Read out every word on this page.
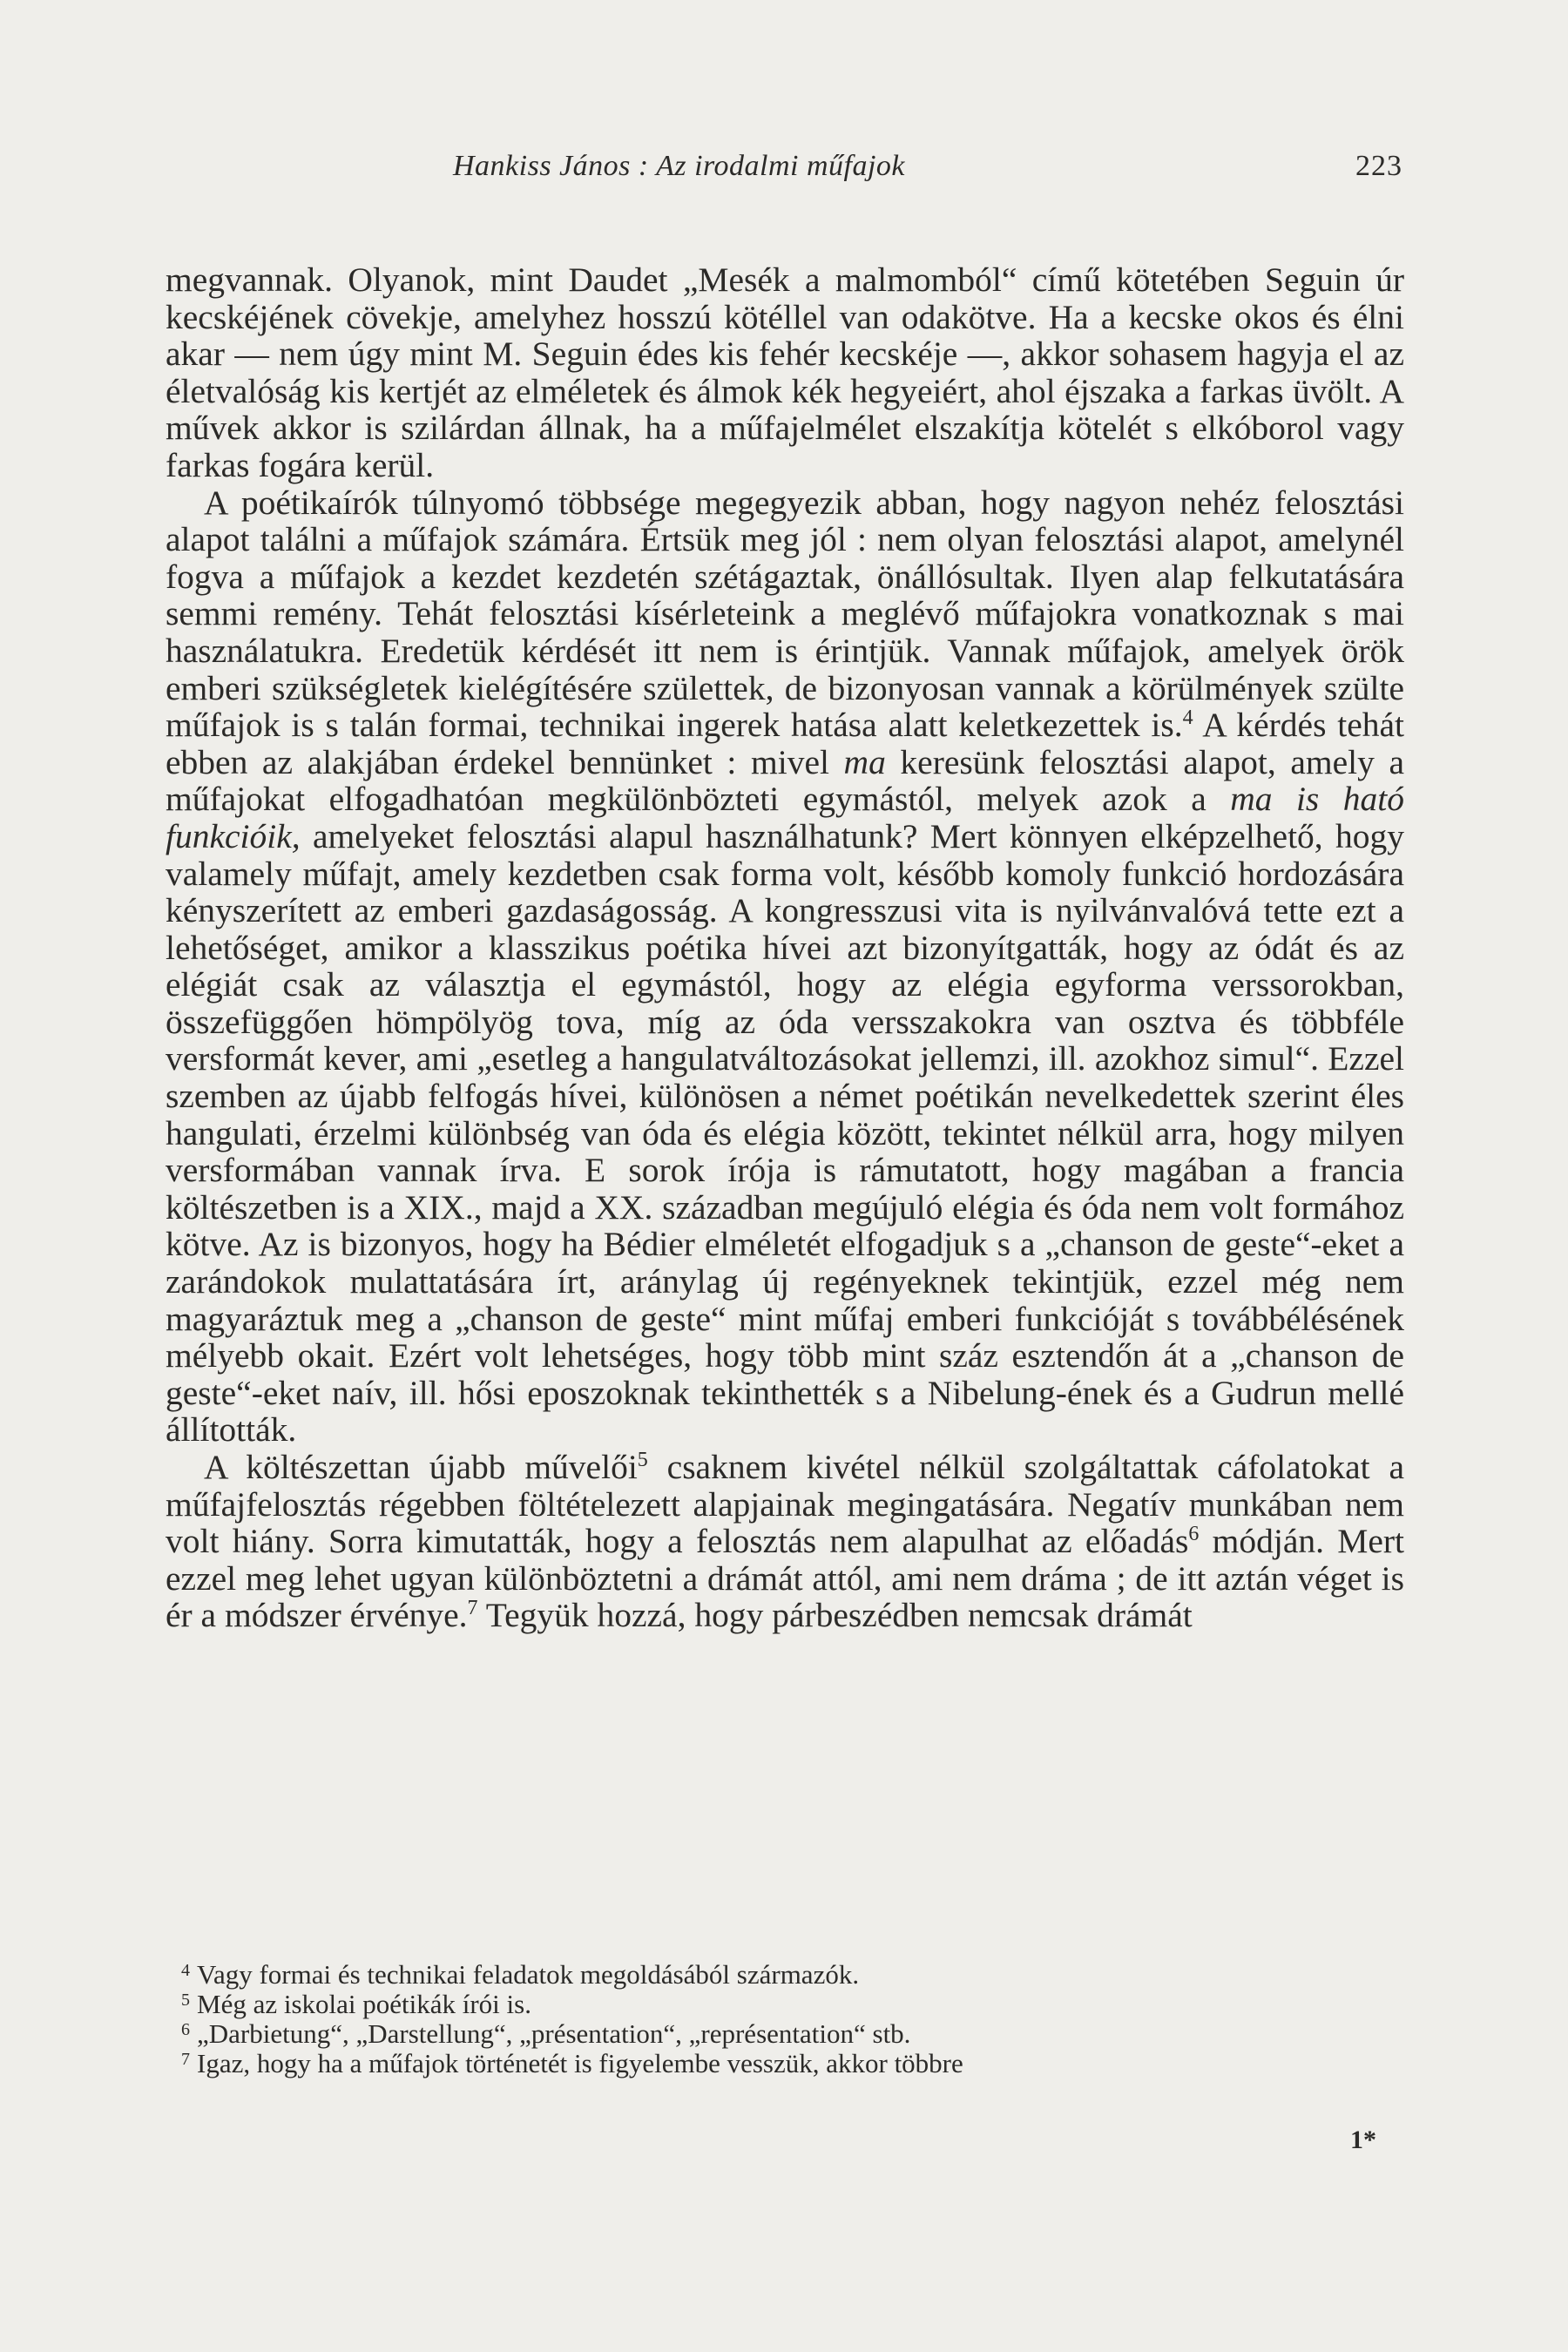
Hankiss János : Az irodalmi műfajok	223

megvannak. Olyanok, mint Daudet „Mesék a malmomból“ című kötetében Seguin úr kecskéjének cövekje, amelyhez hosszú kötéllel van odakötve. Ha a kecske okos és élni akar — nem úgy mint M. Seguin édes kis fehér kecskéje —, akkor sohasem hagyja el az életvalóság kis kertjét az elméletek és álmok kék hegyeiért, ahol éjszaka a farkas üvölt. A művek akkor is szilárdan állnak, ha a műfajelmélet elszakítja kötelét s elkóborol vagy farkas fogára kerül.

A poétikaírók túlnyomó többsége megegyezik abban, hogy nagyon nehéz felosztási alapot találni a műfajok számára. Értsük meg jól : nem olyan felosztási alapot, amelynél fogva a műfajok a kezdet kezdetén szétágaztak, önállósultak. Ilyen alap felkutatására semmi remény. Tehát felosztási kísérleteink a meglévő műfajokra vonatkoznak s mai használatukra. Eredetük kérdését itt nem is érintjük. Vannak műfajok, amelyek örök emberi szükségletek kielégítésére születtek, de bizonyosan vannak a körülmények szülte műfajok is s talán formai, technikai ingerek hatása alatt keletkezettek is.$^4$ A kérdés tehát ebben az alakjában érdekel bennünket : mivel ma keresünk felosztási alapot, amely a műfajokat elfogadhatóan megkülönbözteti egymástól, melyek azok a ma is ható funkcióik, amelyeket felosztási alapul használhatunk? Mert könnyen elképzelhető, hogy valamely műfajt, amely kezdetben csak forma volt, később komoly funkció hordozására kényszerített az emberi gazdaságosság. A kongresszusi vita is nyilvánvalóvá tette ezt a lehetőséget, amikor a klasszikus poétika hívei azt bizonyítgatták, hogy az ódát és az elégiát csak az választja el egymástól, hogy az elégia egyforma verssorokban, összefüggően hömpölyög tova, míg az óda versszakokra van osztva és többféle versformát kever, ami „esetleg a hangulatváltozásokat jellemzi, ill. azokhoz simul“. Ezzel szemben az újabb felfogás hívei, különösen a német poétikán nevelkedettek szerint éles hangulati, érzelmi különbség van óda és elégia között, tekintet nélkül arra, hogy milyen versformában vannak írva. E sorok írója is rámutatott, hogy magában a francia költészetben is a XIX., majd a XX. században megújuló elégia és óda nem volt formához kötve. Az is bizonyos, hogy ha Bédier elméletét elfogadjuk s a „chanson de geste“-eket a zarándokok mulattatására írt, aránylag új regényeknek tekintjük, ezzel még nem magyaráztuk meg a „chanson de geste“ mint műfaj emberi funkcióját s továbbélésének mélyebb okait. Ezért volt lehetséges, hogy több mint száz esztendőn át a „chanson de geste“-eket naív, ill. hősi eposzoknak tekinthették s a Nibelung-ének és a Gudrun mellé állították.

A költészettan újabb művelői$^5$ csaknem kivétel nélkül szolgáltattak cáfolatokat a műfajfelosztás régebben föltételezett alapjainak megingatására. Negatív munkában nem volt hiány. Sorra kimutatták, hogy a felosztás nem alapulhat az előadás$^6$ módján. Mert ezzel meg lehet ugyan különböztetni a drámát attól, ami nem dráma ; de itt aztán véget is ér a módszer érvénye.$^7$ Tegyük hozzá, hogy párbeszédben nemcsak drámát

$^4$ Vagy formai és technikai feladatok megoldásából származók.

$^5$ Még az iskolai poétikák írói is.

$^6$ „Darbietung“, „Darstellung“, „présentation“, „représentation“ stb.

$^7$ Igaz, hogy ha a műfajok történetét is figyelembe vesszük, akkor többre

1*
